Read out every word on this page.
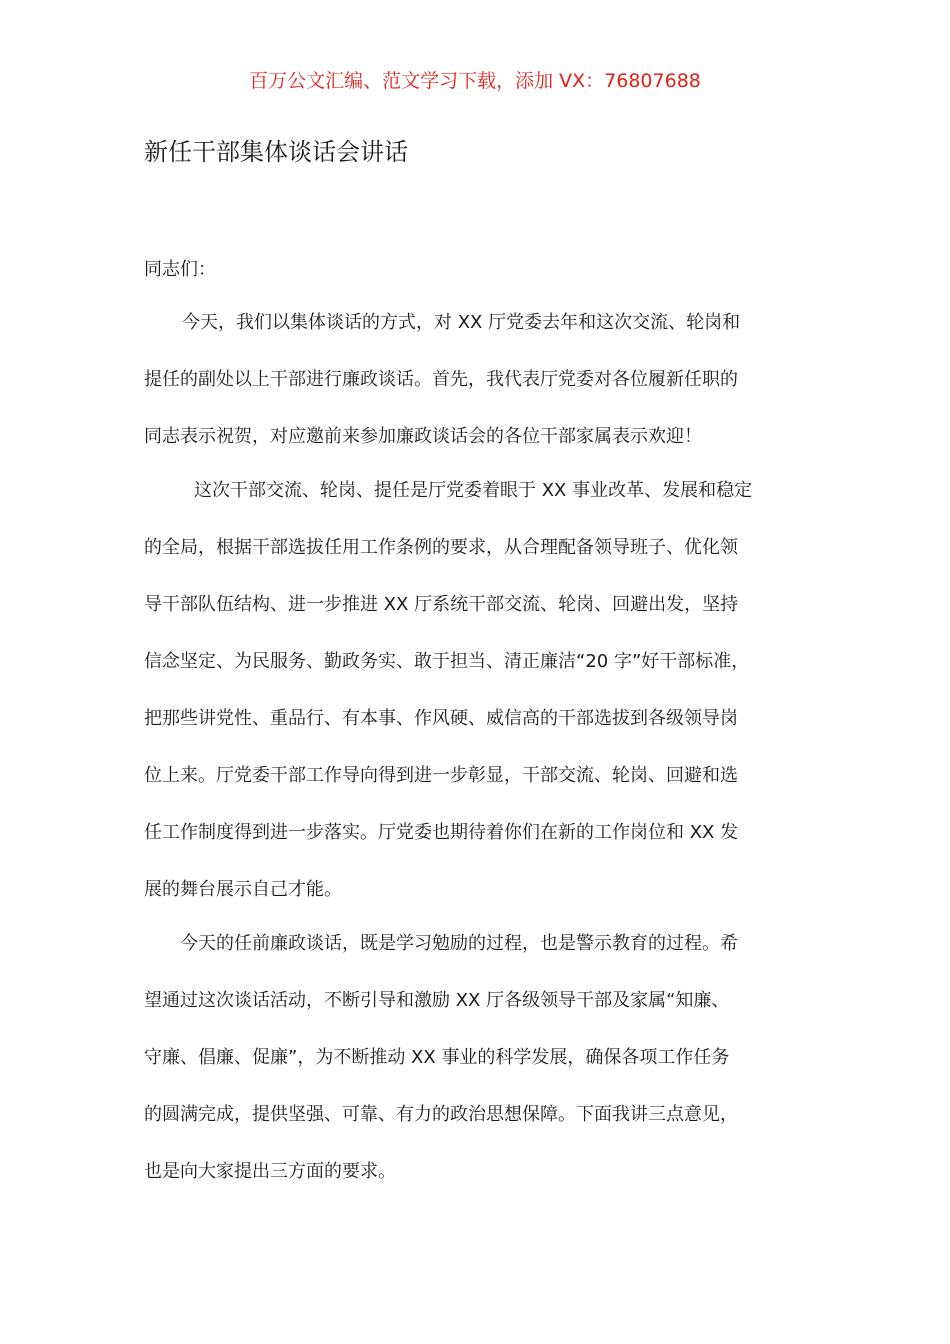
百万公文汇编、范文学习下载，添加 VX：76807688
新任干部集体谈话会讲话
同志们：
今天，我们以集体谈话的方式，对 XX 厅党委去年和这次交流、轮岗和
提任的副处以上干部进行廉政谈话。首先，我代表厅党委对各位履新任职的
同志表示祝贺，对应邀前来参加廉政谈话会的各位干部家属表示欢迎！
这次干部交流、轮岗、提任是厅党委着眼于 XX 事业改革、发展和稳定
的全局，根据干部选拔任用工作条例的要求，从合理配备领导班子、优化领
导干部队伍结构、进一步推进 XX 厅系统干部交流、轮岗、回避出发，坚持
信念坚定、为民服务、勤政务实、敢于担当、清正廉洁“20 字”好干部标准，
把那些讲党性、重品行、有本事、作风硬、威信高的干部选拔到各级领导岗
位上来。厅党委干部工作导向得到进一步彰显，干部交流、轮岗、回避和选
任工作制度得到进一步落实。厅党委也期待着你们在新的工作岗位和 XX 发
展的舞台展示自己才能。
今天的任前廉政谈话，既是学习勉励的过程，也是警示教育的过程。希
望通过这次谈话活动，不断引导和激励 XX 厅各级领导干部及家属“知廉、
守廉、倡廉、促廉”，为不断推动 XX 事业的科学发展，确保各项工作任务
的圆满完成，提供坚强、可靠、有力的政治思想保障。下面我讲三点意见，
也是向大家提出三方面的要求。
